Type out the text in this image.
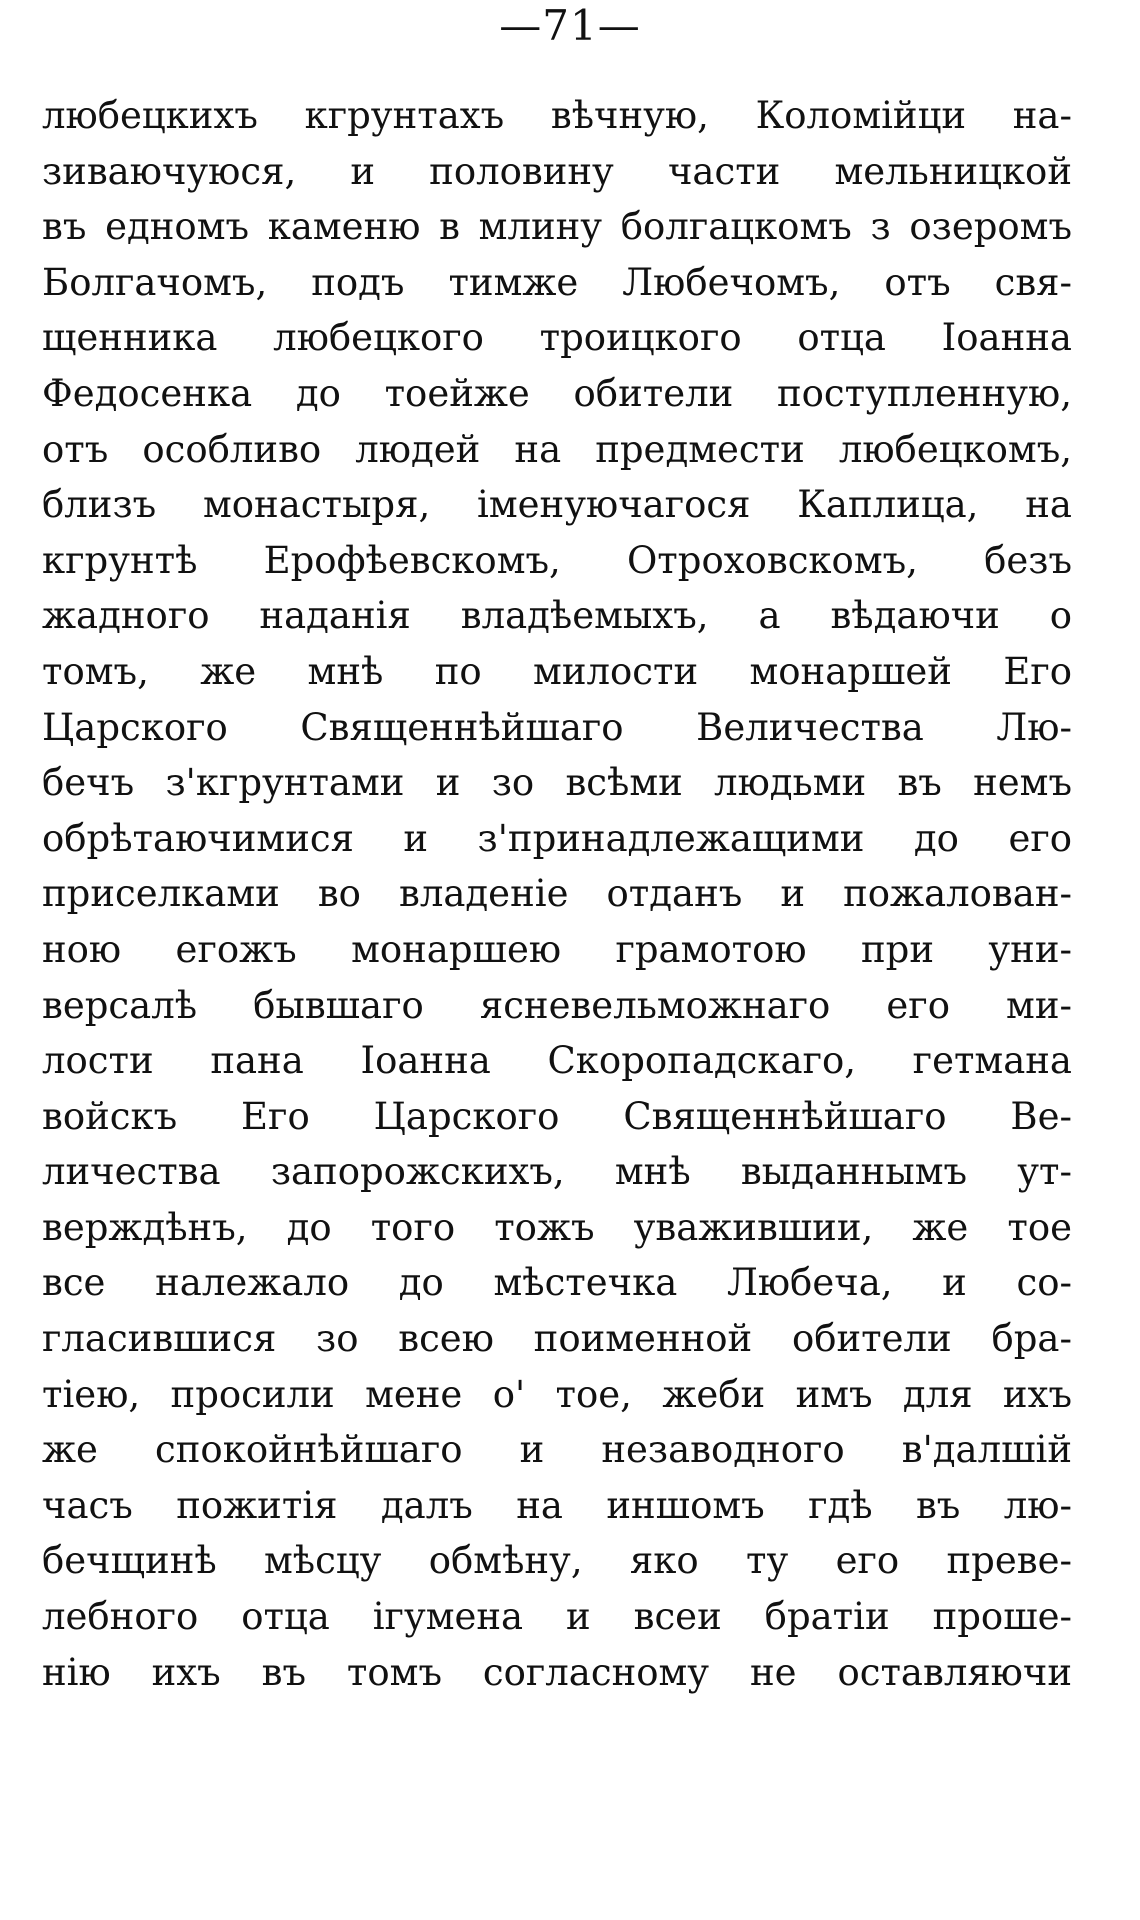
—71—
любецкихъ кгрунтахъ вѣчную, Коломійци на-
зиваючуюся, и половину части мельницкой
въ едномъ каменю в млину болгацкомъ з озеромъ
Болгачомъ, подъ тимже Любечомъ, отъ свя-
щенника любецкого троицкого отца Іоанна
Федосенка до тоейже обители поступленную,
отъ особливо людей на предмести любецкомъ,
близъ монастыря, іменуючагося Каплица, на
кгрунтѣ Ерофѣевскомъ, Отроховскомъ, безъ
жадного наданія владѣемыхъ, а вѣдаючи о
томъ, же мнѣ по милости монаршей Его
Царского Священнѣйшаго Величества Лю-
бечъ з'кгрунтами и зо всѣми людьми въ немъ
обрѣтаючимися и з'принадлежащими до его
приселками во владеніе отданъ и пожалован-
ною егожъ монаршею грамотою при уни-
версалѣ бывшаго ясневельможнаго его ми-
лости пана Іоанна Скоропадскаго, гетмана
войскъ Его Царского Священнѣйшаго Ве-
личества запорожскихъ, мнѣ выданнымъ ут-
верждѣнъ, до того тожъ уважившии, же тое
все належало до мѣстечка Любеча, и со-
гласившися зо всею поименной обители бра-
тіею, просили мене о' тое, жеби имъ для ихъ
же спокойнѣйшаго и незаводного в'далшій
часъ пожитія далъ на иншомъ гдѣ въ лю-
бечщинѣ мѣсцу обмѣну, яко ту его преве-
лебного отца ігумена и всеи братіи проше-
нію ихъ въ томъ согласному не оставляючи
